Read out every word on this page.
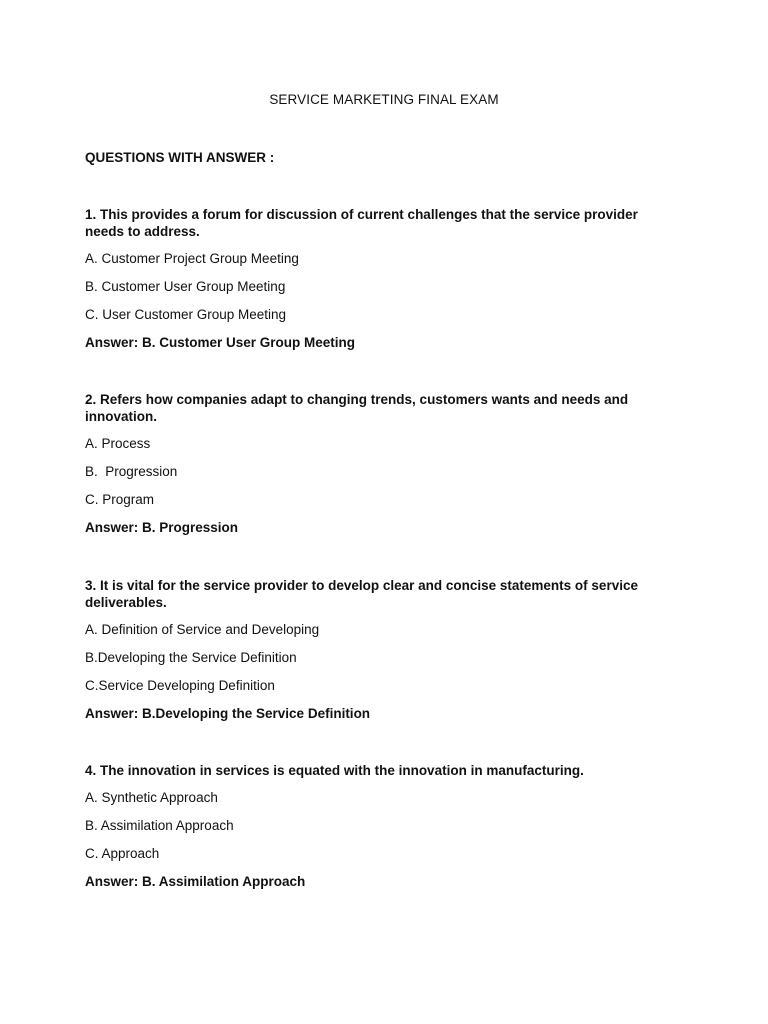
SERVICE MARKETING FINAL EXAM
QUESTIONS WITH ANSWER :

1. This provides a forum for discussion of current challenges that the service provider needs to address.

A. Customer Project Group Meeting

B. Customer User Group Meeting

C. User Customer Group Meeting

Answer: B. Customer User Group Meeting

2. Refers how companies adapt to changing trends, customers wants and needs and innovation.

A. Process

B.  Progression

C. Program

Answer: B. Progression

3. It is vital for the service provider to develop clear and concise statements of service deliverables.

A. Definition of Service and Developing

B.Developing the Service Definition

C.Service Developing Definition

Answer: B.Developing the Service Definition

4. The innovation in services is equated with the innovation in manufacturing.

A. Synthetic Approach

B. Assimilation Approach

C. Approach

Answer: B. Assimilation Approach
